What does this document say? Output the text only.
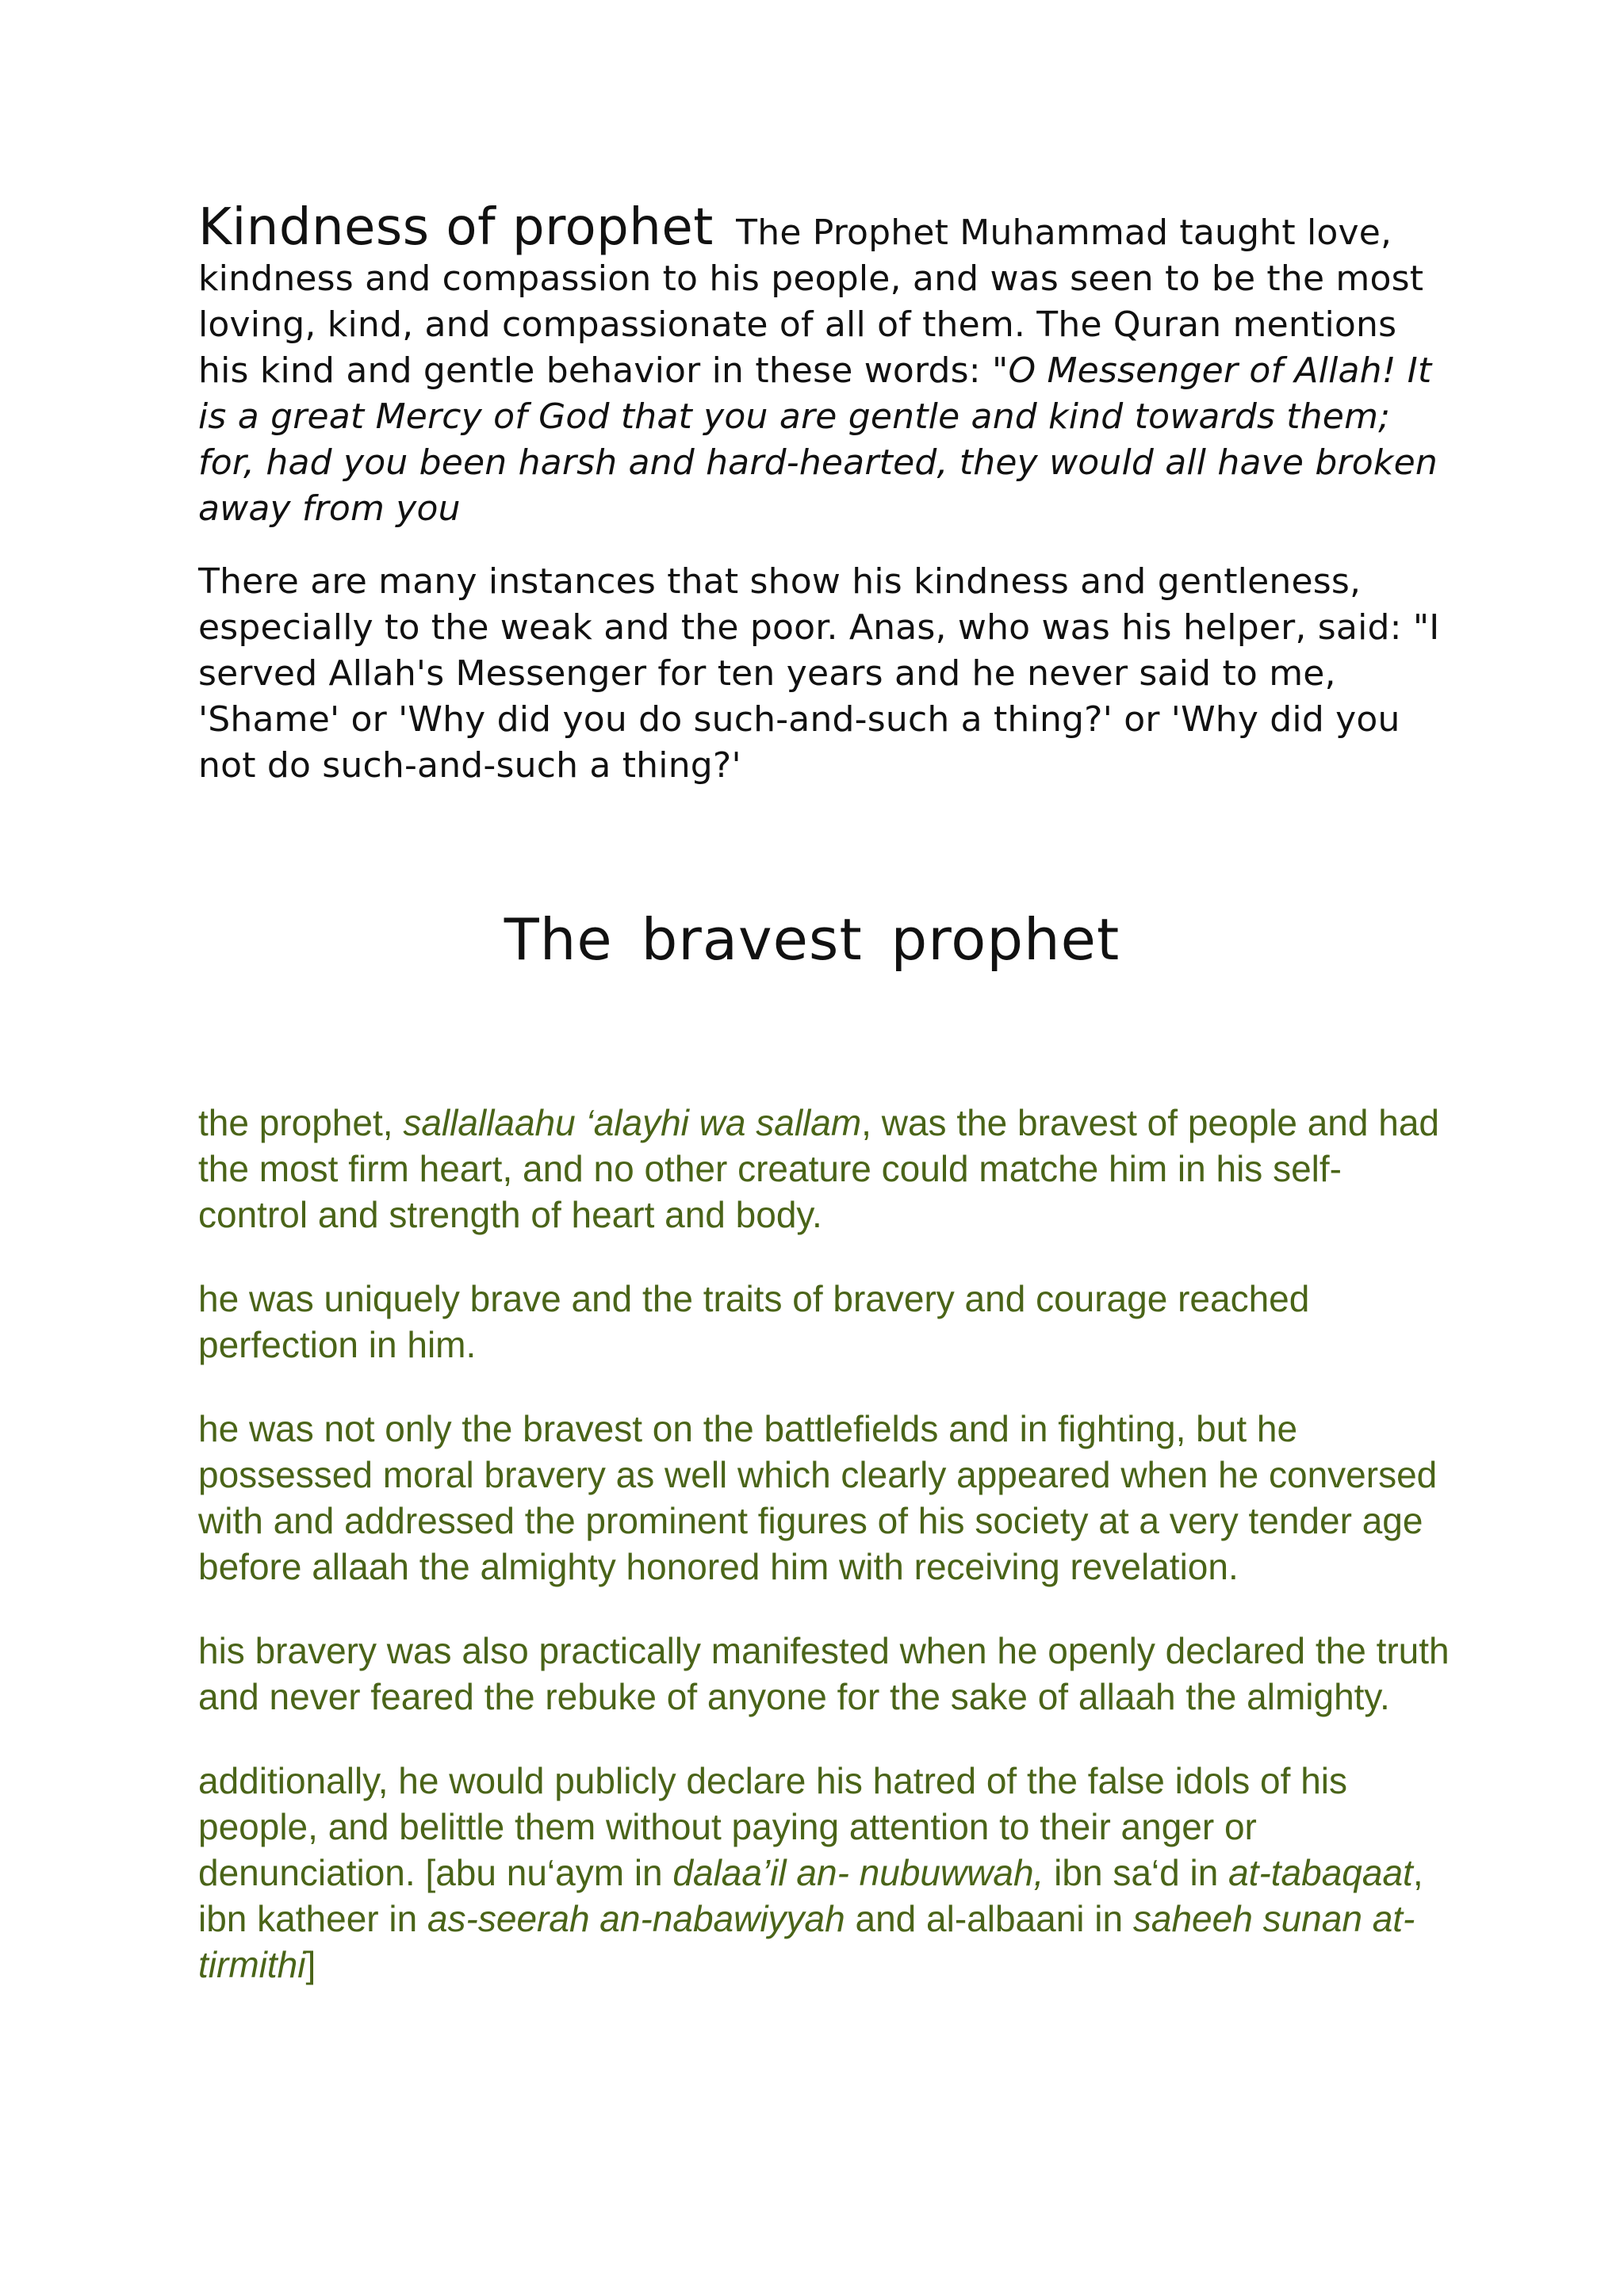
Kindness of prophet The Prophet Muhammad taught love, kindness and compassion to his people, and was seen to be the most loving, kind, and compassionate of all of them. The Quran mentions his kind and gentle behavior in these words: "O Messenger of Allah! It is a great Mercy of God that you are gentle and kind towards them; for, had you been harsh and hard-hearted, they would all have broken away from you

There are many instances that show his kindness and gentleness, especially to the weak and the poor. Anas, who was his helper, said: "I served Allah's Messenger for ten years and he never said to me, 'Shame' or 'Why did you do such-and-such a thing?' or 'Why did you not do such-and-such a thing?'

The bravest prophet

the prophet, sallallaahu ‘alayhi wa sallam, was the bravest of people and had the most firm heart, and no other creature could matche him in his self-control and strength of heart and body.

he was uniquely brave and the traits of bravery and courage reached perfection in him.

he was not only the bravest on the battlefields and in fighting, but he possessed moral bravery as well which clearly appeared when he conversed with and addressed the prominent figures of his society at a very tender age before allaah the almighty honored him with receiving revelation.

his bravery was also practically manifested when he openly declared the truth and never feared the rebuke of anyone for the sake of allaah the almighty.

additionally, he would publicly declare his hatred of the false idols of his people, and belittle them without paying attention to their anger or denunciation. [abu nu‘aym in dalaa’il an- nubuwwah, ibn sa‘d in at-tabaqaat, ibn katheer in as-seerah an-nabawiyyah and al-albaani in saheeh sunan at-tirmithi]
